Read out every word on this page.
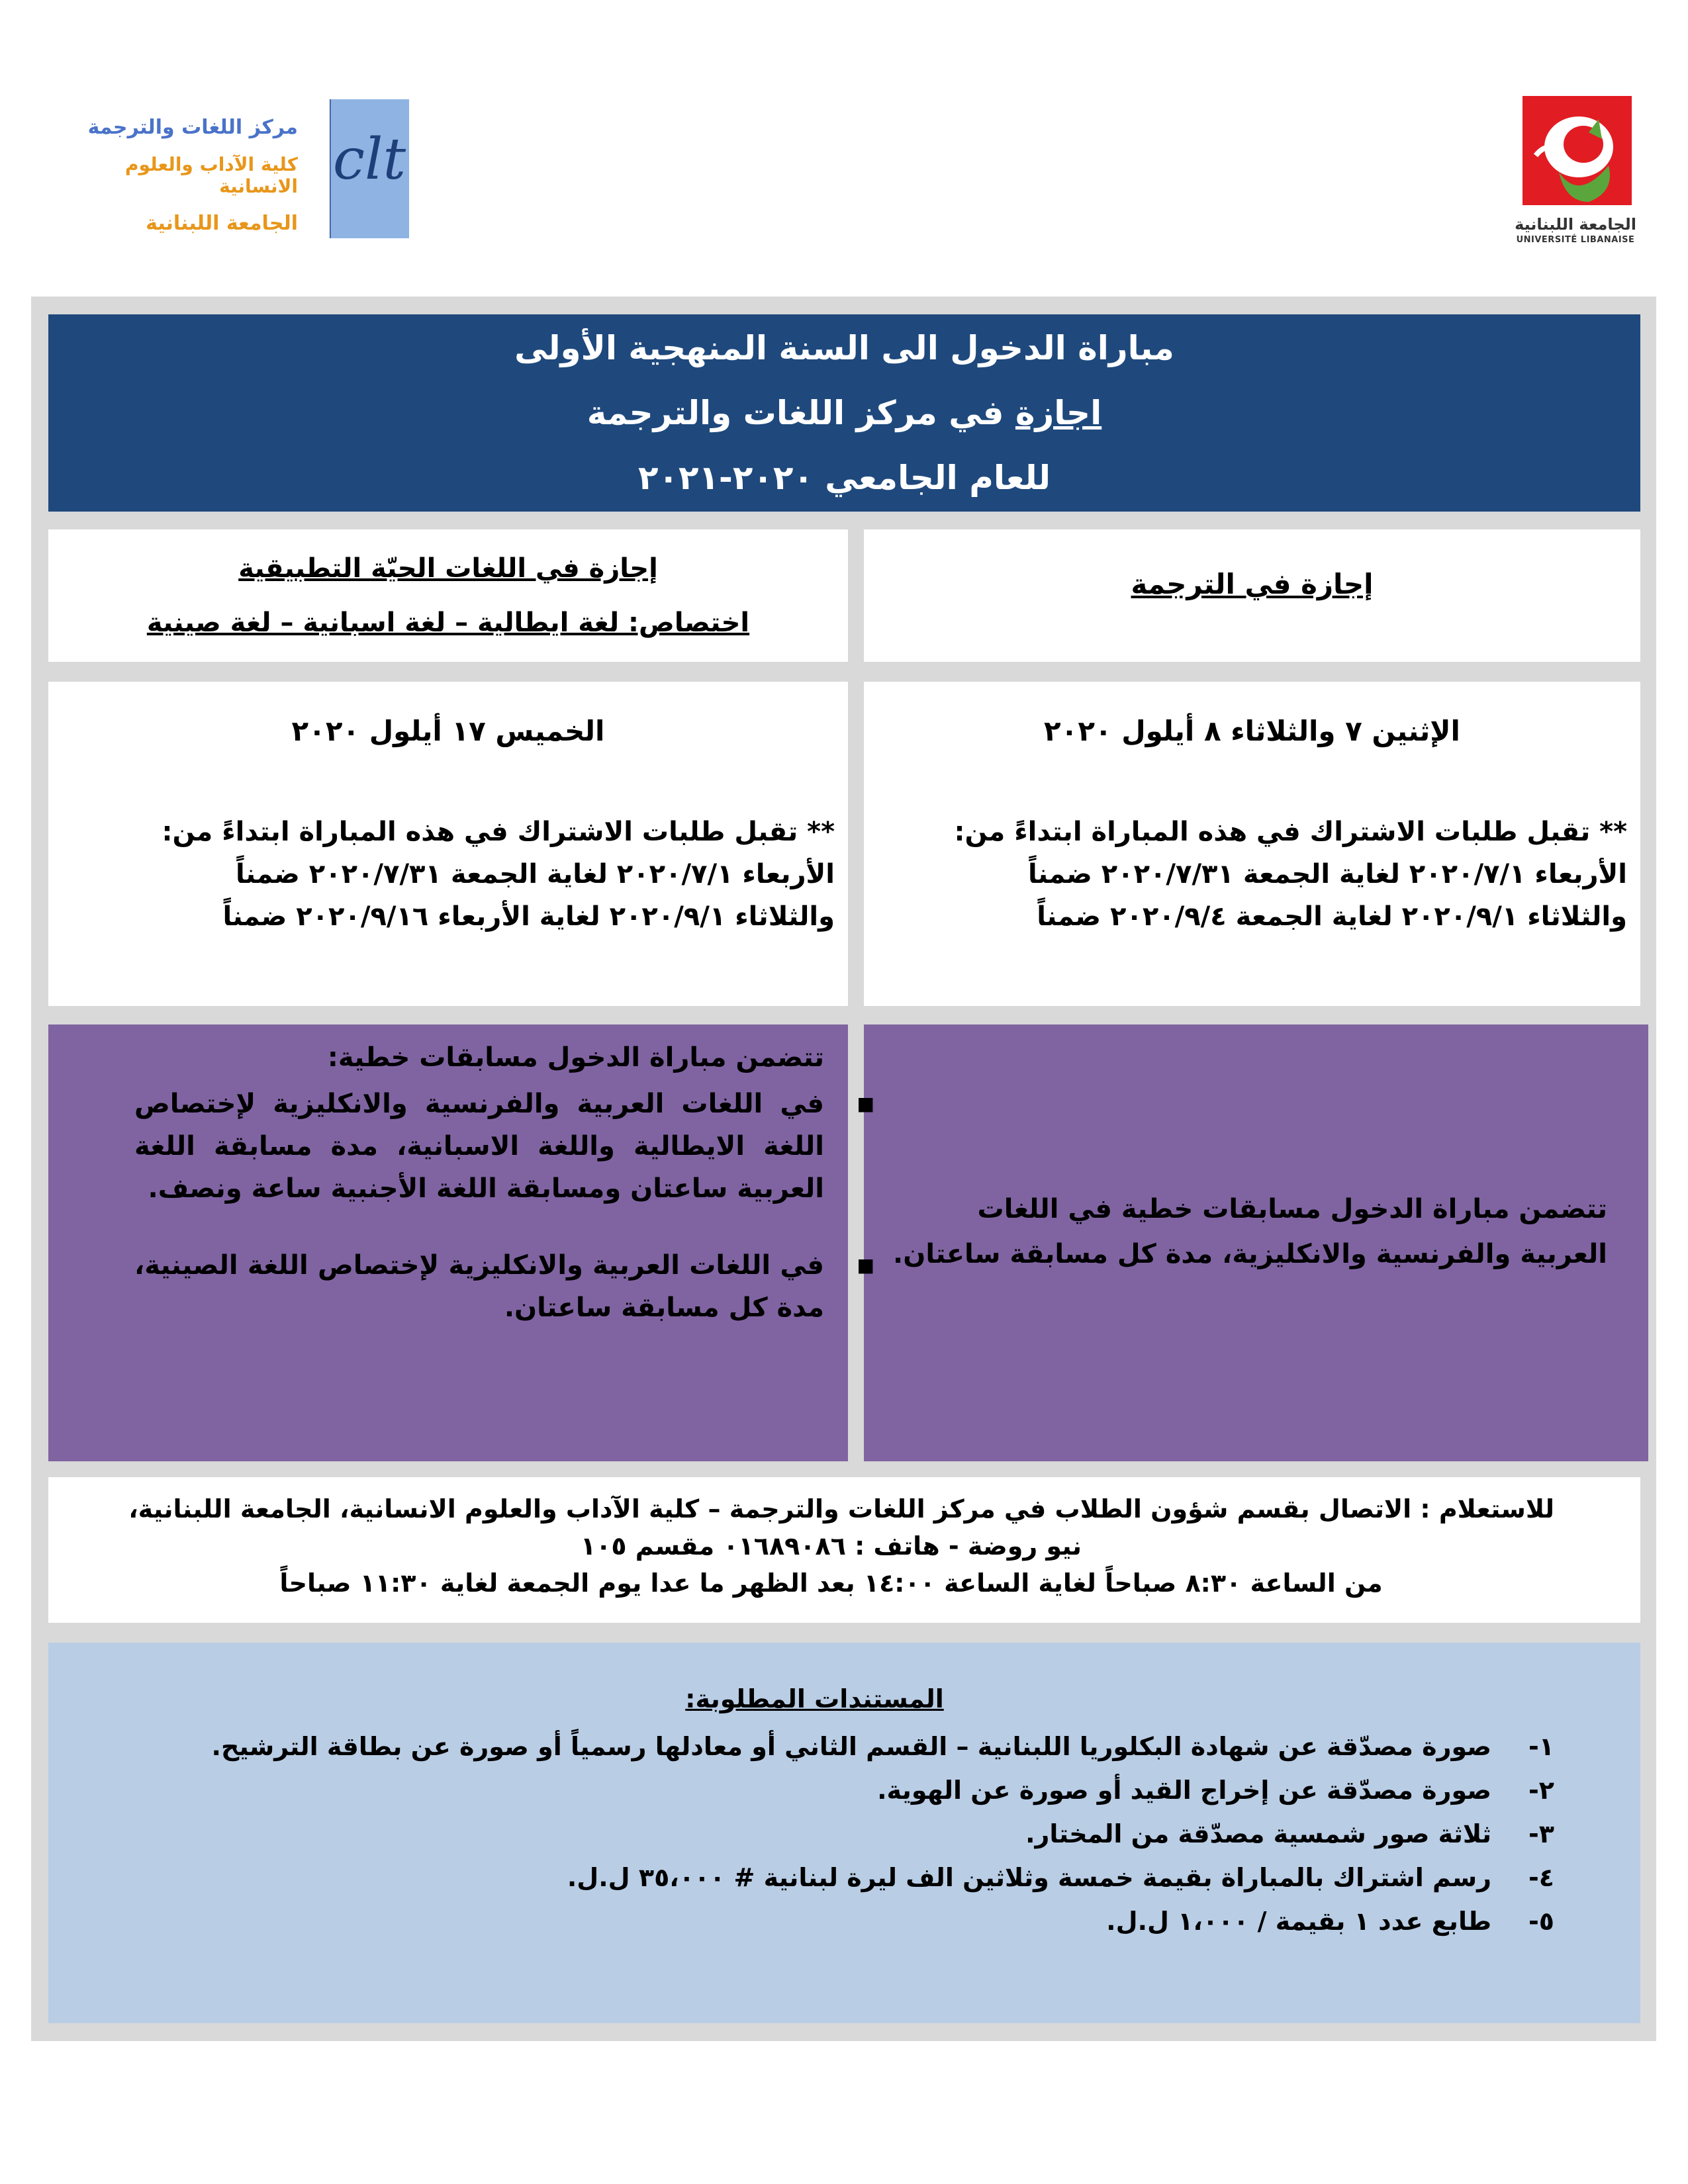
مركز اللغات والترجمة

كلية الآداب والعلوم الانسانية

الجامعة اللبنانية

clt
الجامعة اللبنانية
UNIVERSITÉ LIBANAISE
مباراة الدخول الى السنة المنهجية الأولى
اجازة في مركز اللغات والترجمة
للعام الجامعي ٢٠٢٠-٢٠٢١
إجازة في الترجمة
إجازة في اللغات الحيّة التطبيقية
اختصاص: لغة ايطالية – لغة اسبانية – لغة صينية
الإثنين ٧ والثلاثاء ٨ أيلول ٢٠٢٠
** تقبل طلبات الاشتراك في هذه المباراة ابتداءً من:
الأربعاء ٢٠٢٠/٧/١ لغاية الجمعة ٢٠٢٠/٧/٣١ ضمناً
والثلاثاء ٢٠٢٠/٩/١ لغاية الجمعة ٢٠٢٠/٩/٤ ضمناً
الخميس ١٧ أيلول ٢٠٢٠
** تقبل طلبات الاشتراك في هذه المباراة ابتداءً من:
الأربعاء ٢٠٢٠/٧/١ لغاية الجمعة ٢٠٢٠/٧/٣١ ضمناً
والثلاثاء ٢٠٢٠/٩/١ لغاية الأربعاء ٢٠٢٠/٩/١٦ ضمناً
تتضمن مباراة الدخول مسابقات خطية في اللغات العربية والفرنسية والانكليزية، مدة كل مسابقة ساعتان.
تتضمن مباراة الدخول مسابقات خطية:
■
في اللغات العربية والفرنسية والانكليزية لإختصاص اللغة الايطالية واللغة الاسبانية، مدة مسابقة اللغة العربية ساعتان ومسابقة اللغة الأجنبية ساعة ونصف.
■
في اللغات العربية والانكليزية لإختصاص اللغة الصينية، مدة كل مسابقة ساعتان.
للاستعلام : الاتصال بقسم شؤون الطلاب في مركز اللغات والترجمة – كلية الآداب والعلوم الانسانية، الجامعة اللبنانية،
نيو روضة - هاتف : ٠١٦٨٩٠٨٦ مقسم ١٠٥
من الساعة ٨:٣٠ صباحاً لغاية الساعة ١٤:٠٠ بعد الظهر ما عدا يوم الجمعة لغاية ١١:٣٠ صباحاً
المستندات المطلوبة:
١-صورة مصدّقة عن شهادة البكلوريا اللبنانية – القسم الثاني أو معادلها رسمياً أو صورة عن بطاقة الترشيح.
٢-صورة مصدّقة عن إخراج القيد أو صورة عن الهوية.
٣-ثلاثة صور شمسية مصدّقة من المختار.
٤-رسم اشتراك بالمباراة بقيمة خمسة وثلاثين الف ليرة لبنانية # ٣٥،٠٠٠ ل.ل.
٥-طابع عدد ١ بقيمة / ١،٠٠٠ ل.ل.
